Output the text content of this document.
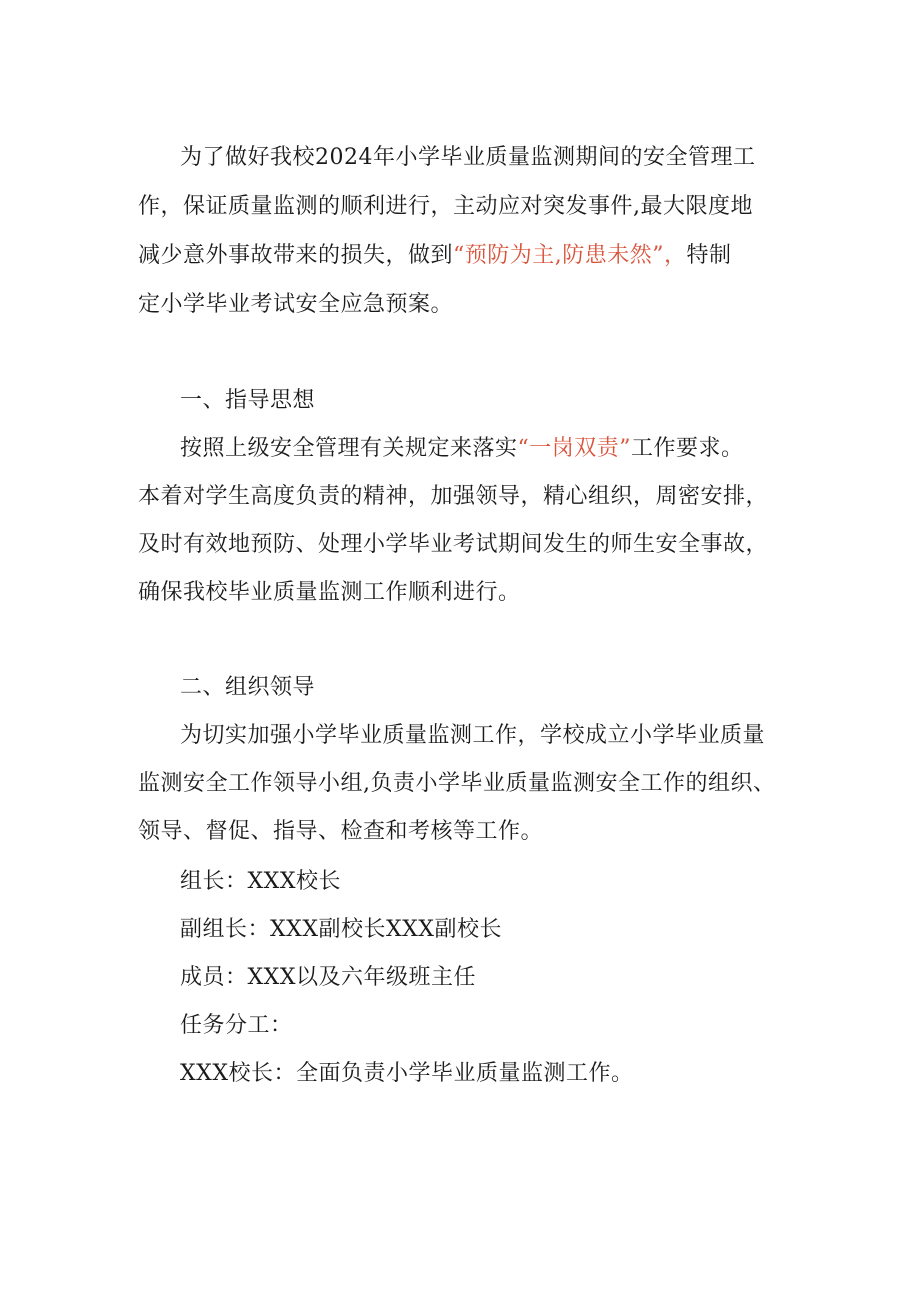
为了做好我校2024年小学毕业质量监测期间的安全管理工
作，保证质量监测的顺利进行，主动应对突发事件,最大限度地
减少意外事故带来的损失，做到“预防为主,防患未然”，特制
定小学毕业考试安全应急预案。
一、指导思想
按照上级安全管理有关规定来落实“一岗双责”工作要求。
本着对学生高度负责的精神，加强领导，精心组织，周密安排，
及时有效地预防、处理小学毕业考试期间发生的师生安全事故，
确保我校毕业质量监测工作顺利进行。
二、组织领导
为切实加强小学毕业质量监测工作，学校成立小学毕业质量
监测安全工作领导小组,负责小学毕业质量监测安全工作的组织、
领导、督促、指导、检查和考核等工作。
组长：XXX校长
副组长：XXX副校长XXX副校长
成员：XXX以及六年级班主任
任务分工：
XXX校长：全面负责小学毕业质量监测工作。
